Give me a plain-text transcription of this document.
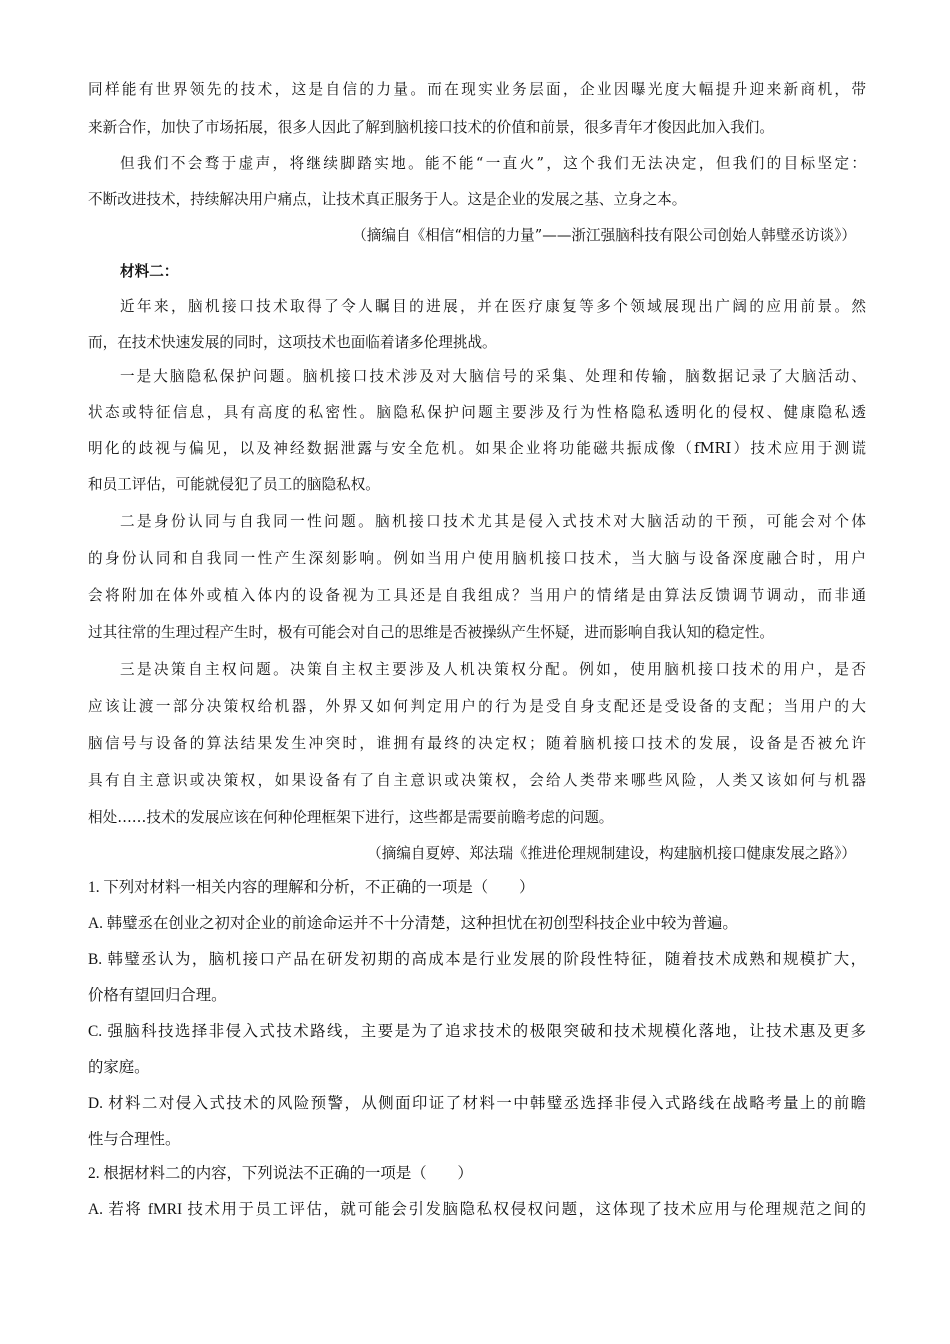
同样能有世界领先的技术，这是自信的力量。而在现实业务层面，企业因曝光度大幅提升迎来新商机，带
来新合作，加快了市场拓展，很多人因此了解到脑机接口技术的价值和前景，很多青年才俊因此加入我们。
但我们不会骛于虚声，将继续脚踏实地。能不能“一直火”，这个我们无法决定，但我们的目标坚定：
不断改进技术，持续解决用户痛点，让技术真正服务于人。这是企业的发展之基、立身之本。
（摘编自《相信“相信的力量”——浙江强脑科技有限公司创始人韩璧丞访谈》）
材料二：
近年来，脑机接口技术取得了令人瞩目的进展，并在医疗康复等多个领域展现出广阔的应用前景。然
而，在技术快速发展的同时，这项技术也面临着诸多伦理挑战。
一是大脑隐私保护问题。脑机接口技术涉及对大脑信号的采集、处理和传输，脑数据记录了大脑活动、
状态或特征信息，具有高度的私密性。脑隐私保护问题主要涉及行为性格隐私透明化的侵权、健康隐私透
明化的歧视与偏见，以及神经数据泄露与安全危机。如果企业将功能磁共振成像（fMRI）技术应用于测谎
和员工评估，可能就侵犯了员工的脑隐私权。
二是身份认同与自我同一性问题。脑机接口技术尤其是侵入式技术对大脑活动的干预，可能会对个体
的身份认同和自我同一性产生深刻影响。例如当用户使用脑机接口技术，当大脑与设备深度融合时，用户
会将附加在体外或植入体内的设备视为工具还是自我组成？当用户的情绪是由算法反馈调节调动，而非通
过其往常的生理过程产生时，极有可能会对自己的思维是否被操纵产生怀疑，进而影响自我认知的稳定性。
三是决策自主权问题。决策自主权主要涉及人机决策权分配。例如，使用脑机接口技术的用户，是否
应该让渡一部分决策权给机器，外界又如何判定用户的行为是受自身支配还是受设备的支配；当用户的大
脑信号与设备的算法结果发生冲突时，谁拥有最终的决定权；随着脑机接口技术的发展，设备是否被允许
具有自主意识或决策权，如果设备有了自主意识或决策权，会给人类带来哪些风险，人类又该如何与机器
相处……技术的发展应该在何种伦理框架下进行，这些都是需要前瞻考虑的问题。
（摘编自夏婷、郑法瑞《推进伦理规制建设，构建脑机接口健康发展之路》）
1. 下列对材料一相关内容的理解和分析，不正确的一项是（　　）
A. 韩璧丞在创业之初对企业的前途命运并不十分清楚，这种担忧在初创型科技企业中较为普遍。
B. 韩璧丞认为，脑机接口产品在研发初期的高成本是行业发展的阶段性特征，随着技术成熟和规模扩大，
价格有望回归合理。
C. 强脑科技选择非侵入式技术路线，主要是为了追求技术的极限突破和技术规模化落地，让技术惠及更多
的家庭。
D. 材料二对侵入式技术的风险预警，从侧面印证了材料一中韩璧丞选择非侵入式路线在战略考量上的前瞻
性与合理性。
2. 根据材料二的内容，下列说法不正确的一项是（　　）
A. 若将 fMRI 技术用于员工评估，就可能会引发脑隐私权侵权问题，这体现了技术应用与伦理规范之间的
